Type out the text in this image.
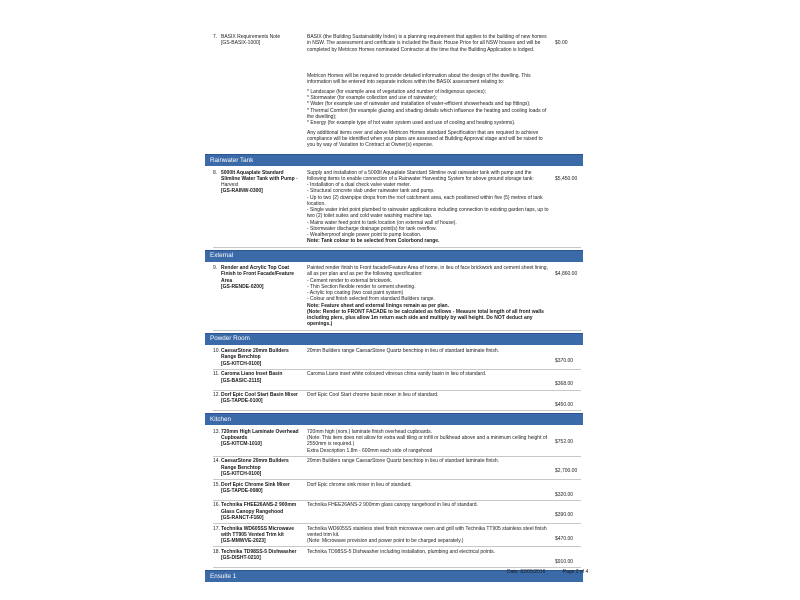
7. BASIX Requirements Note
[GS-BASIX-1000]

BASIX (the Building Sustainability Index) is a planning requirement that applies to the building of new homes in NSW. The assessment and certificate is included the Basic House Price for all NSW houses and will be completed by Metricon Homes nominated Contractor at the time that the Building Application is lodged.

Metricon Homes will be required to provide detailed information about the design of the dwelling. This information will be entered into separate indices within the BASIX assessment relating to:

* Landscape (for example area of vegetation and number of indigenous species);
* Stormwater (for example collection and use of rainwater);
* Water (for example use of rainwater and installation of water-efficient showerheads and tap fittings);
* Thermal Comfort (for example glazing and shading details which influence the heating and cooling loads of the dwelling);
* Energy (for example type of hot water system used and use of cooling and heating systems).

Any additional items over and above Metricon Homes standard Specification that are required to achieve compliance will be identified when your plans are assessed at Building Approval stage and will be raised to you by way of Variation to Contract at Owner(s) expense.

$0.00
Rainwater Tank
8. 5000lt Aquaplate Standard Slimline Water Tank with Pump - Harvest
[GS-RAINW-0300]
Supply and installation of a 5000lt Aquaplate Standard Slimline oval rainwater tank with pump and the following items to enable connection of a Rainwater Harvesting System for above ground storage tank:
- Installation of a dual check valve water meter.
- Structural concrete slab under rainwater tank and pump.
- Up to two (2) downpipe drops from the roof catchment area, each positioned within five (5) metres of tank location.
- Single water inlet point plumbed to rainwater applications including connection to existing garden taps, up to two (2) toilet suites and cold water washing machine tap.
- Mains water feed point to tank location (on external wall of house).
- Stormwater discharge drainage point(s) for tank overflow.
- Weatherproof single power point to pump location.
Note: Tank colour to be selected from Colorbond range.
$5,450.00
External
9. Render and Acrylic Top Coat Finish to Front Facade/Feature Area
[GS-RENDE-0200]
Painted render finish to Front facade/Feature Area of home, in lieu of face brickwork and cement sheet lining, all as per plan and as per the following specification:
- Cement render to external brickwork.
- Thin Section flexible render to cement sheeting.
- Acrylic top coating (two coat paint system)
- Colour and finish selected from standard Builders range.
Note: Feature sheet and external linings remain as per plan.
(Note: Render to FRONT FACADE to be calculated as follows - Measure total length of all front walls including piers, plus allow 1m return each side and multiply by wall height. Do NOT deduct any openings.)
$4,860.00
Powder Room
10. CaesarStone 20mm Builders Range Benchtop
[GS-KITCH-0100]
20mm Builders range CaesarStone Quartz benchtop in lieu of standard laminate finish.
$370.00
11. Caroma Liano Inset Basin
[GS-BASIC-2115]
Caroma Liano inset white coloured vitreous china vanity basin in lieu of standard.
$368.00
12. Dorf Epic Cool Start Basin Mixer
[GS-TAPDE-0100]
Dorf Epic Cool Start chrome basin mixer in lieu of standard.
$450.00
Kitchen
13. 720mm High Laminate Overhead Cupboards
[GS-KITCM-1010]
720mm high (nom.) laminate finish overhead cupboards.
(Note: This item does not allow for extra wall tiling or infill or bulkhead above and a minimum ceiling height of 2550mm is required.)
Extra Description 1.8m - 600mm each side of rangehood
$752.00
14. CaesarStone 20mm Builders Range Benchtop
[GS-KITCH-0100]
20mm Builders range CaesarStone Quartz benchtop in lieu of standard laminate finish.
$2,700.00
15. Dorf Epic Chrome Sink Mixer
[GS-TAPDE-0080]
Dorf Epic chrome sink mixer in lieu of standard.
$320.00
16. Technika FHEE26ANS-2 900mm Glass Canopy Rangehood
[GS-RANCT-F160]
Technika FHEE26ANS-2 900mm glass canopy rangehood in lieu of standard.
$390.00
17. Technika WD605SS Microwave with TT905 Vented Trim kit
[GS-MMWVE-2023]
Technika WD605SS stainless steel finish microwave oven and grill with Technika TT905 stainless steel finish vented trim kit.
(Note: Microwave provision and power point to be charged separately.)	$470.00
18. Technika TD98SS-5 Dishwasher
[GS-DISHT-0210]
Technika TD98SS-5 Dishwasher including installation, plumbing and electrical points.
$910.00
Ensuite 1
Date: 02/05/2016	Page 2 of 4
